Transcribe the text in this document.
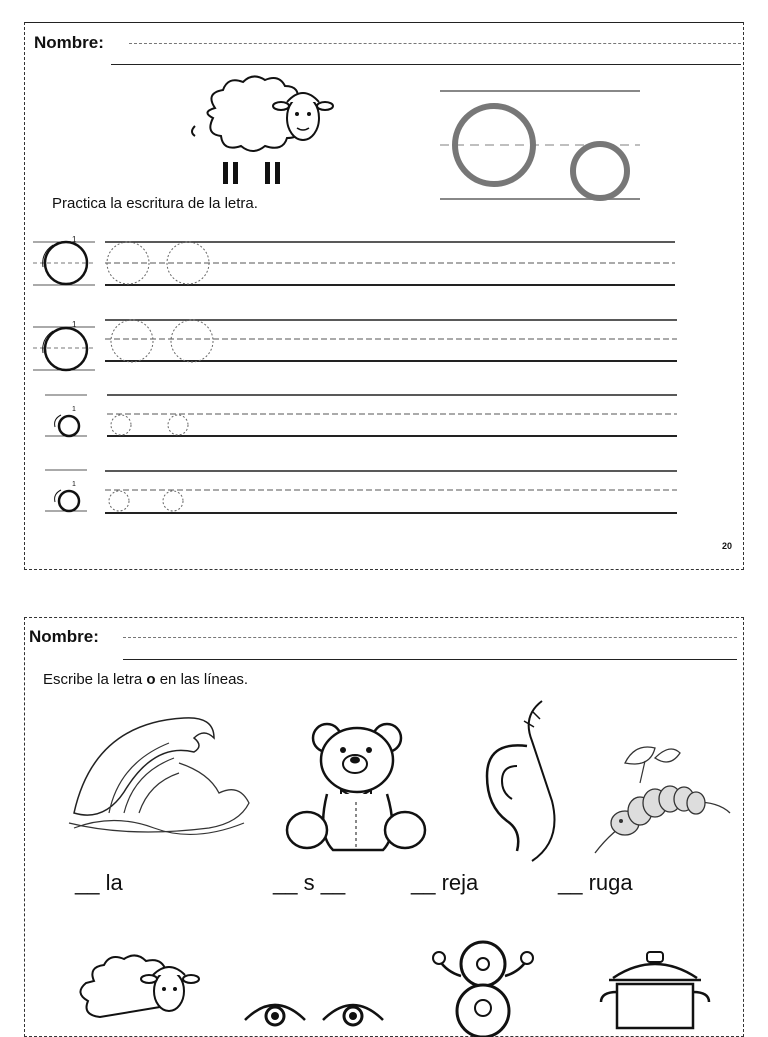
Nombre:
Practica la escritura de la letra.
1
1
1
1
20
Nombre:
Escribe la letra o en las líneas.
__ la	__ s __	__ reja	__ ruga
